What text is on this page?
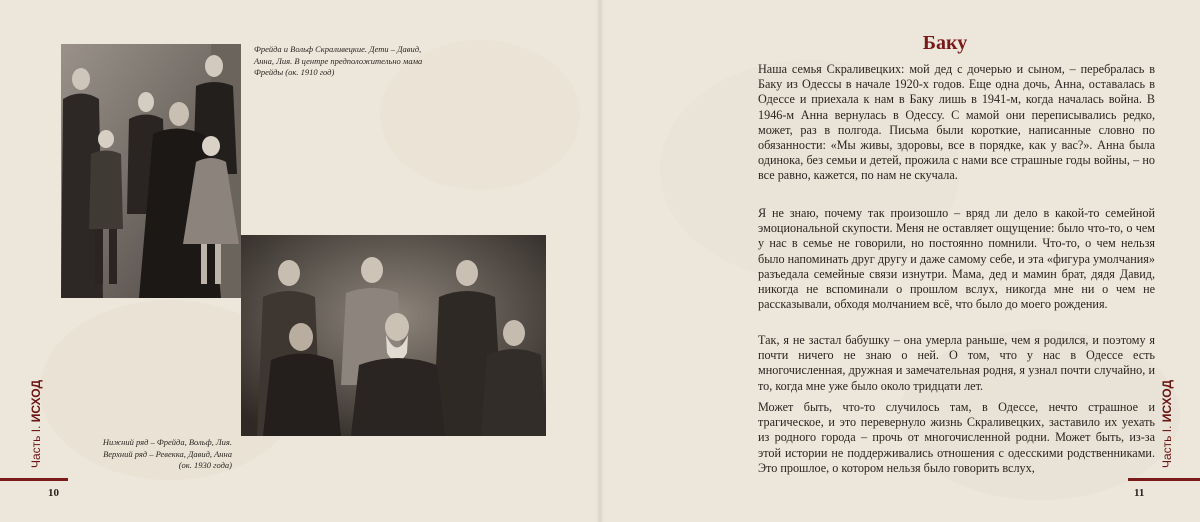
Фрейда и Вольф Скраливецкие. Дети – Давид, Анна, Лия. В центре предположительно мама Фрейды (ок. 1910 год)
Нижний ряд – Фрейда, Вольф, Лия. Верхний ряд – Ревекка, Давид, Анна (ок. 1930 года)
Часть I. ИСХОД
10
Баку

Наша семья Скраливецких: мой дед с дочерью и сыном, – перебралась в Баку из Одессы в начале 1920-х годов. Еще одна дочь, Анна, оставалась в Одессе и приехала к нам в Баку лишь в 1941-м, когда началась война. В 1946-м Анна вернулась в Одессу. С мамой они переписывались редко, может, раз в полгода. Письма были короткие, написанные словно по обязанности: «Мы живы, здоровы, все в порядке, как у вас?». Анна была одинока, без семьи и детей, прожила с нами все страшные годы войны, – но все равно, кажется, по нам не скучала.

Я не знаю, почему так произошло – вряд ли дело в какой-то семейной эмоциональной скупости. Меня не оставляет ощущение: было что-то, о чем у нас в семье не говорили, но постоянно помнили. Что-то, о чем нельзя было напоминать друг другу и даже самому себе, и эта «фигура умолчания» разъедала семейные связи изнутри. Мама, дед и мамин брат, дядя Давид, никогда не вспоминали о прошлом вслух, никогда мне ни о чем не рассказывали, обходя молчанием всё, что было до моего рождения.

Так, я не застал бабушку – она умерла раньше, чем я родился, и поэтому я почти ничего не знаю о ней. О том, что у нас в Одессе есть многочисленная, дружная и замечательная родня, я узнал почти случайно, и то, когда мне уже было около тридцати лет.

Может быть, что-то случилось там, в Одессе, нечто страшное и трагическое, и это перевернуло жизнь Скраливецких, заставило их уехать из родного города – прочь от многочисленной родни. Может быть, из-за этой истории не поддерживались отношения с одесскими родственниками. Это прошлое, о котором нельзя было говорить вслух,	Часть I. ИСХОД
11
